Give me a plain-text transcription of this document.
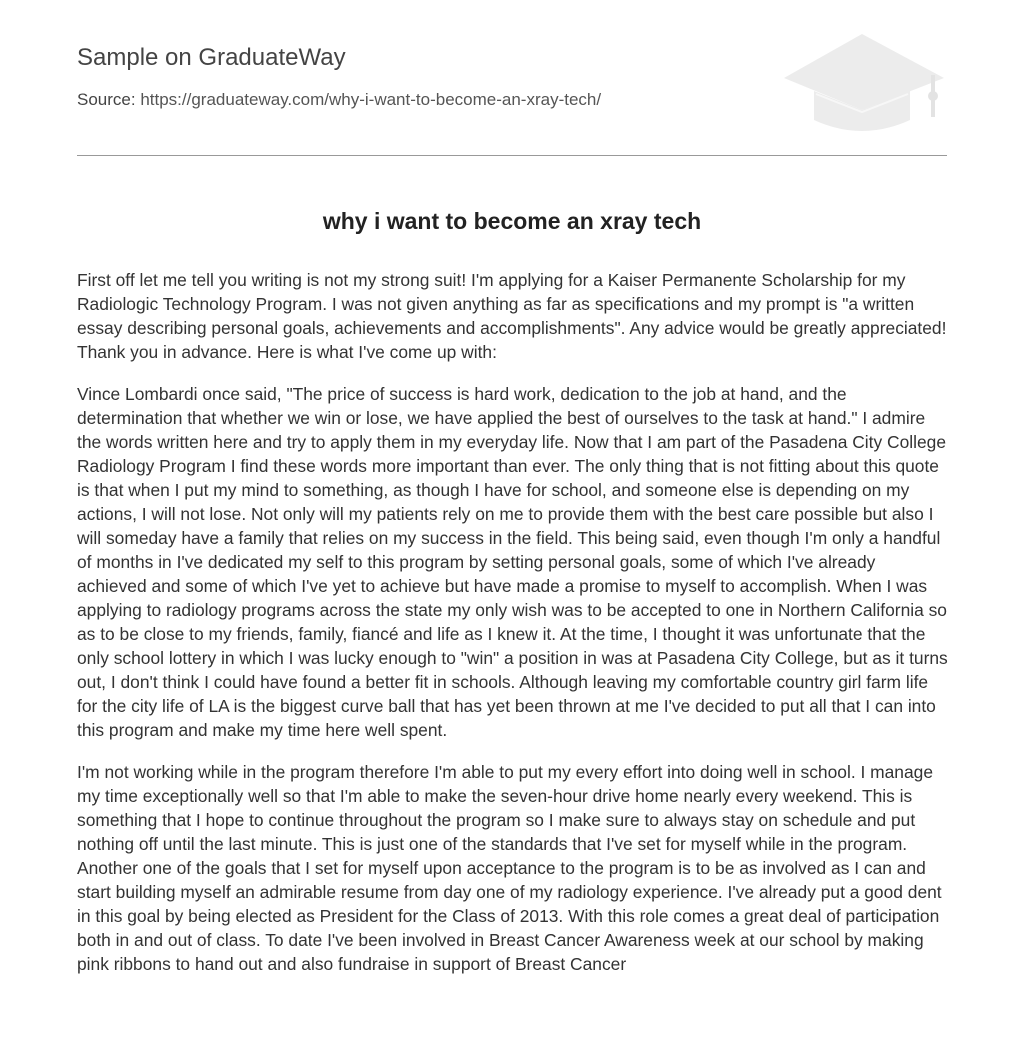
Sample on GraduateWay
Source: https://graduateway.com/why-i-want-to-become-an-xray-tech/
why i want to become an xray tech

First off let me tell you writing is not my strong suit! I'm applying for a Kaiser Permanente Scholarship for my Radiologic Technology Program. I was not given anything as far as specifications and my prompt is "a written essay describing personal goals, achievements and accomplishments". Any advice would be greatly appreciated! Thank you in advance. Here is what I've come up with:

Vince Lombardi once said, "The price of success is hard work, dedication to the job at hand, and the determination that whether we win or lose, we have applied the best of ourselves to the task at hand." I admire the words written here and try to apply them in my everyday life. Now that I am part of the Pasadena City College Radiology Program I find these words more important than ever. The only thing that is not fitting about this quote is that when I put my mind to something, as though I have for school, and someone else is depending on my actions, I will not lose. Not only will my patients rely on me to provide them with the best care possible but also I will someday have a family that relies on my success in the field. This being said, even though I'm only a handful of months in I've dedicated my self to this program by setting personal goals, some of which I've already achieved and some of which I've yet to achieve but have made a promise to myself to accomplish. When I was applying to radiology programs across the state my only wish was to be accepted to one in Northern California so as to be close to my friends, family, fiancé and life as I knew it. At the time, I thought it was unfortunate that the only school lottery in which I was lucky enough to "win" a position in was at Pasadena City College, but as it turns out, I don't think I could have found a better fit in schools. Although leaving my comfortable country girl farm life for the city life of LA is the biggest curve ball that has yet been thrown at me I've decided to put all that I can into this program and make my time here well spent.

I'm not working while in the program therefore I'm able to put my every effort into doing well in school. I manage my time exceptionally well so that I'm able to make the seven-hour drive home nearly every weekend. This is something that I hope to continue throughout the program so I make sure to always stay on schedule and put nothing off until the last minute. This is just one of the standards that I've set for myself while in the program. Another one of the goals that I set for myself upon acceptance to the program is to be as involved as I can and start building myself an admirable resume from day one of my radiology experience. I've already put a good dent in this goal by being elected as President for the Class of 2013. With this role comes a great deal of participation both in and out of class. To date I've been involved in Breast Cancer Awareness week at our school by making pink ribbons to hand out and also fundraise in support of Breast Cancer
